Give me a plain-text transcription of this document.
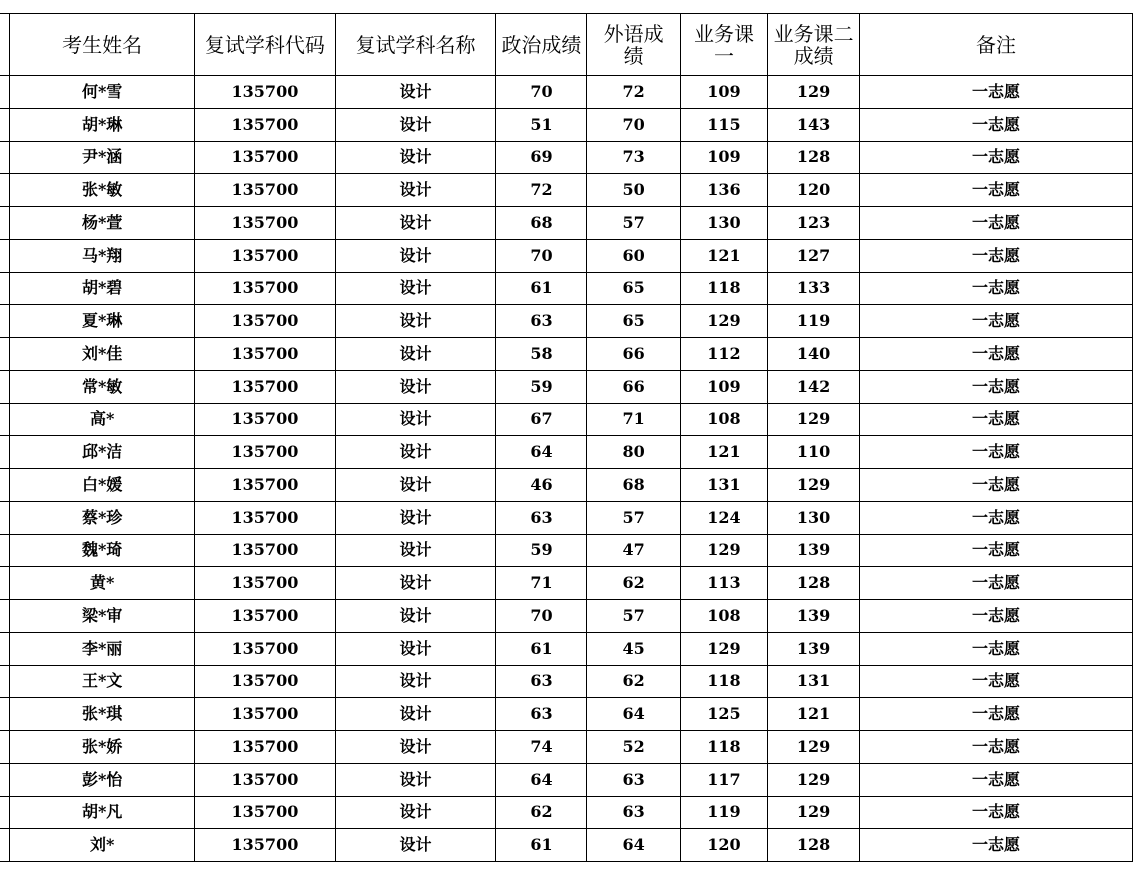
	考生姓名	复试学科代码	复试学科名称	政治成绩	外语成绩	业务课一	业务课二成绩	备注
	何*雪	135700	设计	70	72	109	129	一志愿
	胡*琳	135700	设计	51	70	115	143	一志愿
	尹*涵	135700	设计	69	73	109	128	一志愿
	张*敏	135700	设计	72	50	136	120	一志愿
	杨*萱	135700	设计	68	57	130	123	一志愿
	马*翔	135700	设计	70	60	121	127	一志愿
	胡*碧	135700	设计	61	65	118	133	一志愿
	夏*琳	135700	设计	63	65	129	119	一志愿
	刘*佳	135700	设计	58	66	112	140	一志愿
	常*敏	135700	设计	59	66	109	142	一志愿
	高*	135700	设计	67	71	108	129	一志愿
	邱*洁	135700	设计	64	80	121	110	一志愿
	白*媛	135700	设计	46	68	131	129	一志愿
	蔡*珍	135700	设计	63	57	124	130	一志愿
	魏*琦	135700	设计	59	47	129	139	一志愿
	黄*	135700	设计	71	62	113	128	一志愿
	梁*审	135700	设计	70	57	108	139	一志愿
	李*丽	135700	设计	61	45	129	139	一志愿
	王*文	135700	设计	63	62	118	131	一志愿
	张*琪	135700	设计	63	64	125	121	一志愿
	张*娇	135700	设计	74	52	118	129	一志愿
	彭*怡	135700	设计	64	63	117	129	一志愿
	胡*凡	135700	设计	62	63	119	129	一志愿
	刘*	135700	设计	61	64	120	128	一志愿
